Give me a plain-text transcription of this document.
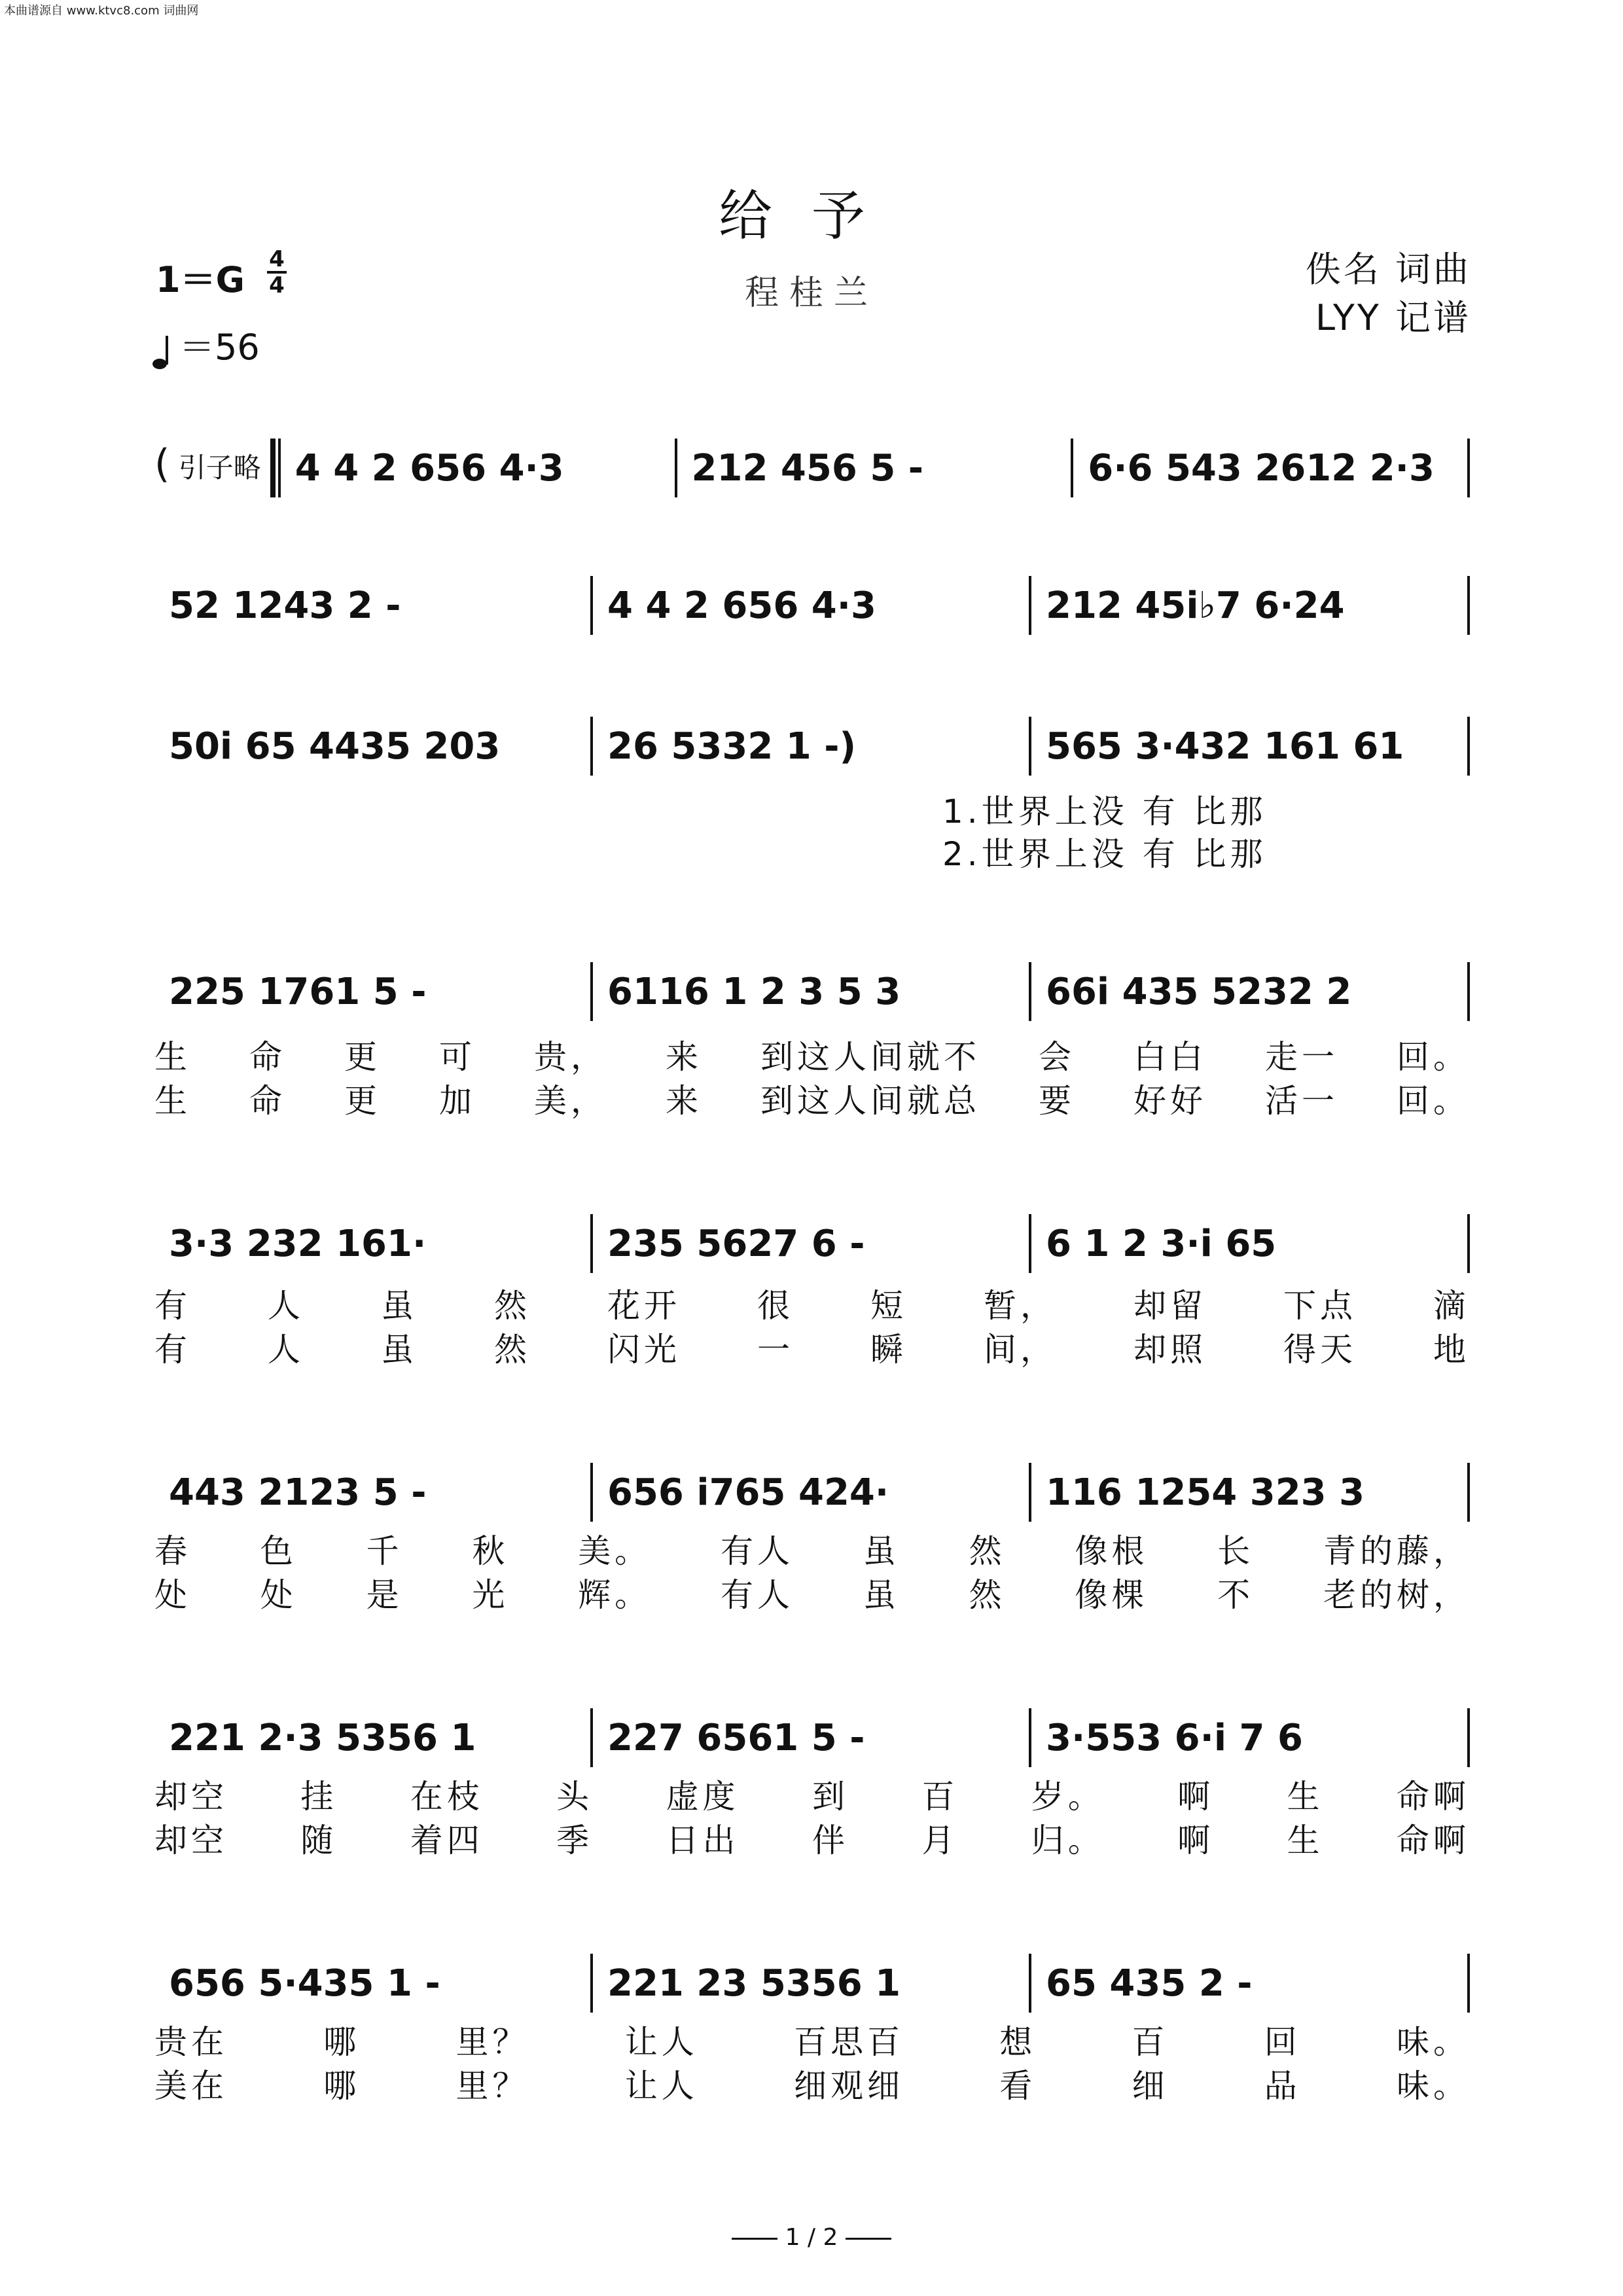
本曲谱源自 www.ktvc8.com 词曲网
给予
程桂兰
1＝G 4
4
＝56
佚名 词曲
LYY 记谱
( 引子略 4 4 2 656 4·3	212 456 5 -	6·6 543 2612 2·3
52 1243 2 -	4 4 2 656 4·3	212 45i♭7 6·24
50i 65 4435 203	26 5332 1 -)	565 3·432 161 61
1.世界上没 有 比那
2.世界上没 有 比那
225 1761 5 -	6116 1 2 3 5 3	66i 435 5232 2
生 命 更 可 贵， 来 到这人间就不 会 白白 走一 回。
生 命 更 加 美， 来 到这人间就总 要 好好 活一 回。
3·3 232 161·	235 5627 6 -	6 1 2 3·i 65
有 人 虽 然 花开 很 短 暂， 却留 下点 滴
有 人 虽 然 闪光 一 瞬 间， 却照 得天 地
443 2123 5 -	656 i765 424·	116 1254 323 3
春 色 千 秋 美。 有人 虽 然 像根 长 青的藤，
处 处 是 光 辉。 有人 虽 然 像棵 不 老的树，
221 2·3 5356 1	227 6561 5 -	3·553 6·i 7 6
却空 挂 在枝 头 虚度 到 百 岁。 啊 生 命啊
却空 随 着四 季 日出 伴 月 归。 啊 生 命啊
656 5·435 1 -	221 23 5356 1	65 435 2 -
贵在	哪	里？	让人	百思百	想	百	回	味。
美在	哪	里？	让人	细观细	看	细	品	味。
1 / 2
